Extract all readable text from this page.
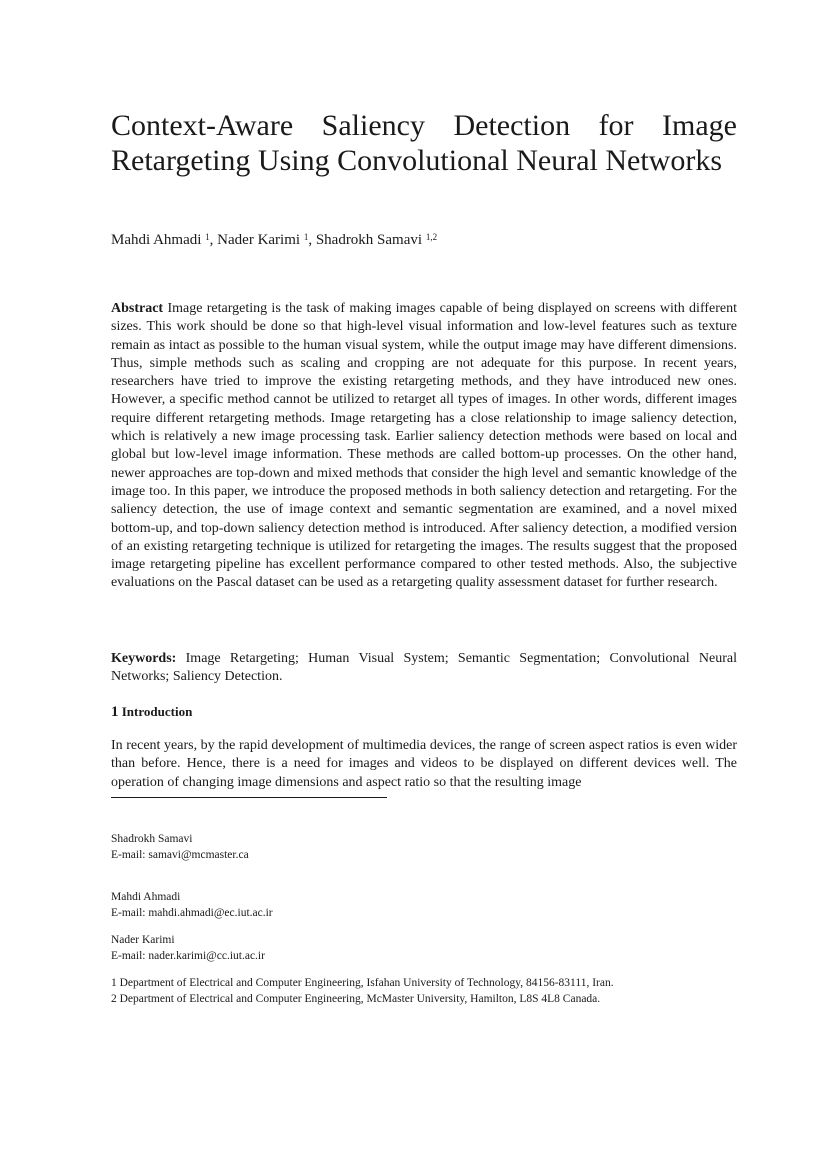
Context-Aware Saliency Detection for Image
Retargeting Using Convolutional Neural Networks

Mahdi Ahmadi $^1$, Nader Karimi $^1$, Shadrokh Samavi $^{1,2}$

Abstract Image retargeting is the task of making images capable of being displayed on screens with different sizes. This work should be done so that high-level visual information and low-level features such as texture remain as intact as possible to the human visual system, while the output image may have different dimensions. Thus, simple methods such as scaling and cropping are not adequate for this purpose. In recent years, researchers have tried to improve the existing retargeting methods, and they have introduced new ones. However, a specific method cannot be utilized to retarget all types of images. In other words, different images require different retargeting methods. Image retargeting has a close relationship to image saliency detection, which is relatively a new image processing task. Earlier saliency detection methods were based on local and global but low-level image information. These methods are called bottom-up processes. On the other hand, newer approaches are top-down and mixed methods that consider the high level and semantic knowledge of the image too. In this paper, we introduce the proposed methods in both saliency detection and retargeting. For the saliency detection, the use of image context and semantic segmentation are examined, and a novel mixed bottom-up, and top-down saliency detection method is introduced. After saliency detection, a modified version of an existing retargeting technique is utilized for retargeting the images. The results suggest that the proposed image retargeting pipeline has excellent performance compared to other tested methods. Also, the subjective evaluations on the Pascal dataset can be used as a retargeting quality assessment dataset for further research.

Keywords: Image Retargeting; Human Visual System; Semantic Segmentation; Convolutional Neural Networks; Saliency Detection.

1 Introduction

In recent years, by the rapid development of multimedia devices, the range of screen aspect ratios is even wider than before. Hence, there is a need for images and videos to be displayed on different devices well. The operation of changing image dimensions and aspect ratio so that the resulting image

Shadrokh Samavi
E-mail: samavi@mcmaster.ca
Mahdi Ahmadi
E-mail: mahdi.ahmadi@ec.iut.ac.ir
Nader Karimi
E-mail: nader.karimi@cc.iut.ac.ir
1 Department of Electrical and Computer Engineering, Isfahan University of Technology, 84156-83111, Iran.
2 Department of Electrical and Computer Engineering, McMaster University, Hamilton, L8S 4L8 Canada.
